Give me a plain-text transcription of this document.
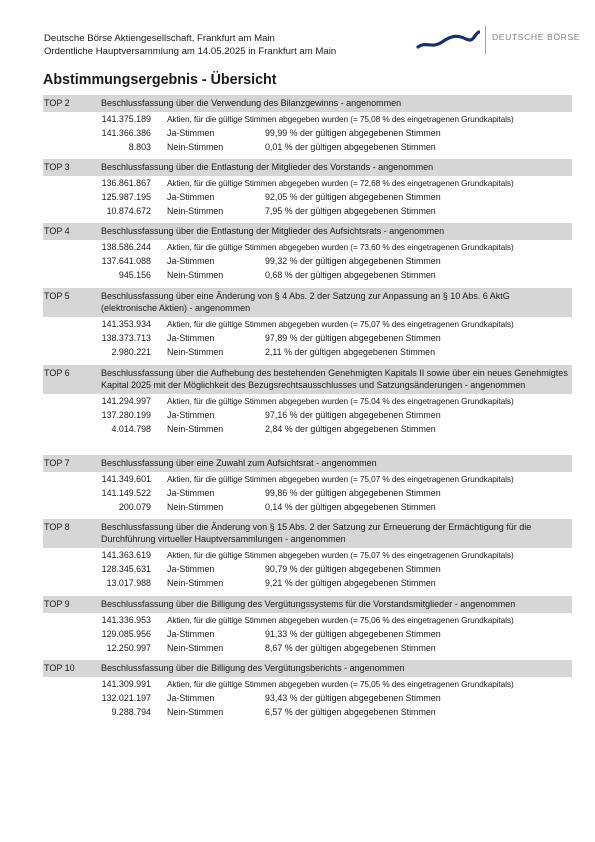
Deutsche Börse Aktiengesellschaft, Frankfurt am Main
Ordentliche Hauptversammlung am 14.05.2025 in Frankfurt am Main
DEUTSCHE BÖRSE
Abstimmungsergebnis - Übersicht
TOP 2	Beschlussfassung über die Verwendung des Bilanzgewinns - angenommen
141.375.189 Aktien, für die gültige Stimmen abgegeben wurden (= 75,08 % des eingetragenen Grundkapitals)
141.366.386 Ja-Stimmen	99,99 % der gültigen abgegebenen Stimmen
8.803 Nein-Stimmen	0,01 % der gültigen abgegebenen Stimmen
TOP 3	Beschlussfassung über die Entlastung der Mitglieder des Vorstands - angenommen
136.861.867 Aktien, für die gültige Stimmen abgegeben wurden (= 72,68 % des eingetragenen Grundkapitals)
125.987.195 Ja-Stimmen	92,05 % der gültigen abgegebenen Stimmen
10.874.672 Nein-Stimmen	7,95 % der gültigen abgegebenen Stimmen
TOP 4	Beschlussfassung über die Entlastung der Mitglieder des Aufsichtsrats - angenommen
138.586.244 Aktien, für die gültige Stimmen abgegeben wurden (= 73,60 % des eingetragenen Grundkapitals)
137.641.088 Ja-Stimmen	99,32 % der gültigen abgegebenen Stimmen
945.156 Nein-Stimmen	0,68 % der gültigen abgegebenen Stimmen
TOP 5	Beschlussfassung über eine Änderung von § 4 Abs. 2 der Satzung zur Anpassung an § 10 Abs. 6 AktG (elektronische Aktien) - angenommen
141.353.934 Aktien, für die gültige Stimmen abgegeben wurden (= 75,07 % des eingetragenen Grundkapitals)
138.373.713 Ja-Stimmen	97,89 % der gültigen abgegebenen Stimmen
2.980.221 Nein-Stimmen	2,11 % der gültigen abgegebenen Stimmen
TOP 6	Beschlussfassung über die Aufhebung des bestehenden Genehmigten Kapitals II sowie über ein neues Genehmigtes Kapital 2025 mit der Möglichkeit des Bezugsrechtsausschlusses und Satzungsänderungen - angenommen
141.294.997 Aktien, für die gültige Stimmen abgegeben wurden (= 75,04 % des eingetragenen Grundkapitals)
137.280.199 Ja-Stimmen	97,16 % der gültigen abgegebenen Stimmen
4.014.798 Nein-Stimmen	2,84 % der gültigen abgegebenen Stimmen
TOP 7	Beschlussfassung über eine Zuwahl zum Aufsichtsrat - angenommen
141.349.601 Aktien, für die gültige Stimmen abgegeben wurden (= 75,07 % des eingetragenen Grundkapitals)
141.149.522 Ja-Stimmen	99,86 % der gültigen abgegebenen Stimmen
200.079 Nein-Stimmen	0,14 % der gültigen abgegebenen Stimmen
TOP 8	Beschlussfassung über die Änderung von § 15 Abs. 2 der Satzung zur Erneuerung der Ermächtigung für die Durchführung virtueller Hauptversammlungen - angenommen
141.363.619 Aktien, für die gültige Stimmen abgegeben wurden (= 75,07 % des eingetragenen Grundkapitals)
128.345.631 Ja-Stimmen	90,79 % der gültigen abgegebenen Stimmen
13.017.988 Nein-Stimmen	9,21 % der gültigen abgegebenen Stimmen
TOP 9	Beschlussfassung über die Billigung des Vergütungssystems für die Vorstandsmitglieder - angenommen
141.336.953 Aktien, für die gültige Stimmen abgegeben wurden (= 75,06 % des eingetragenen Grundkapitals)
129.085.956 Ja-Stimmen	91,33 % der gültigen abgegebenen Stimmen
12.250.997 Nein-Stimmen	8,67 % der gültigen abgegebenen Stimmen
TOP 10	Beschlussfassung über die Billigung des Vergütungsberichts - angenommen
141.309.991 Aktien, für die gültige Stimmen abgegeben wurden (= 75,05 % des eingetragenen Grundkapitals)
132.021.197 Ja-Stimmen	93,43 % der gültigen abgegebenen Stimmen
9.288.794 Nein-Stimmen	6,57 % der gültigen abgegebenen Stimmen
